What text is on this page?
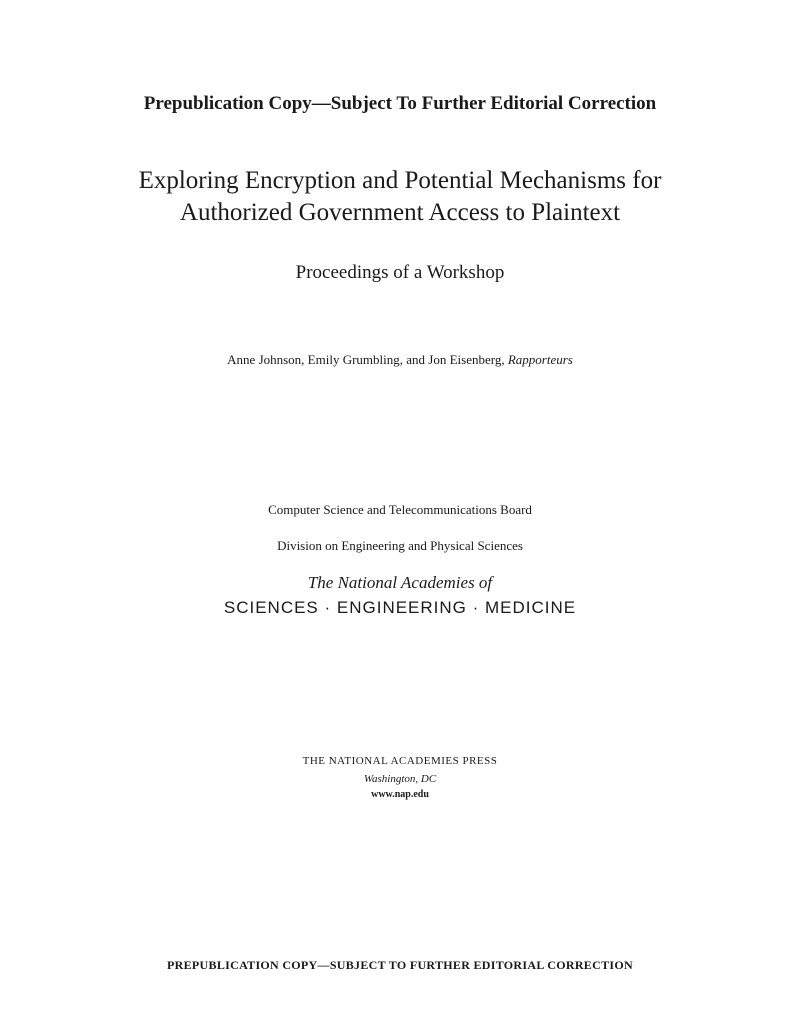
Prepublication Copy—Subject To Further Editorial Correction
Exploring Encryption and Potential Mechanisms for
Authorized Government Access to Plaintext
Proceedings of a Workshop
Anne Johnson, Emily Grumbling, and Jon Eisenberg, Rapporteurs
Computer Science and Telecommunications Board
Division on Engineering and Physical Sciences
The National Academies of
SCIENCES · ENGINEERING · MEDICINE
THE NATIONAL ACADEMIES PRESS
Washington, DC
www.nap.edu
PREPUBLICATION COPY—SUBJECT TO FURTHER EDITORIAL CORRECTION
